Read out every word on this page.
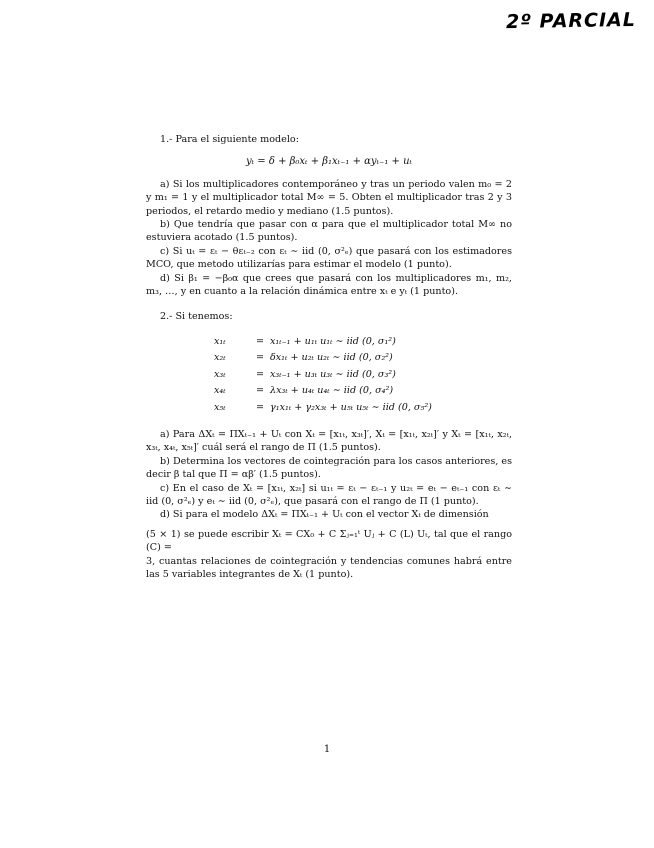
2º PARCIAL

1.- Para el siguiente modelo:

yₜ = δ + β₀xₜ + β₁xₜ₋₁ + αyₜ₋₁ + uₜ

a) Si los multiplicadores contemporáneo y tras un periodo valen m₀ = 2 y m₁ = 1 y el multiplicador total M∞ = 5. Obten el multiplicador tras 2 y 3 periodos, el retardo medio y mediano (1.5 puntos).

b) Que tendría que pasar con α para que el multiplicador total M∞ no estuviera acotado (1.5 puntos).

c) Si uₜ = εₜ − θεₜ₋₂ con εₜ ∼ iid (0, σ²ₑ) que pasará con los estimadores MCO, que metodo utilizarías para estimar el modelo (1 punto).

d) Si β₁ = −β₀α que crees que pasará con los multiplicadores m₁, m₂, m₃, …, y en cuanto a la relación dinámica entre xₜ e yₜ (1 punto).

2.- Si tenemos:

x₁ₜ	= x₁ₜ₋₁ + u₁ₜ u₁ₜ ∼ iid (0, σ₁²)
x₂ₜ	= δx₁ₜ + u₂ₜ u₂ₜ ∼ iid (0, σ₂²)
x₃ₜ	= x₃ₜ₋₁ + u₃ₜ u₃ₜ ∼ iid (0, σ₃²)
x₄ₜ	= λx₃ₜ + u₄ₜ u₄ₜ ∼ iid (0, σ₄²)
x₅ₜ	= γ₁x₁ₜ + γ₂x₃ₜ + u₅ₜ u₅ₜ ∼ iid (0, σ₅²)

a) Para ΔXₜ = ΠXₜ₋₁ + Uₜ con Xₜ = [x₁ₜ, x₃ₜ]′, Xₜ = [x₁ₜ, x₂ₜ]′ y Xₜ = [x₁ₜ, x₂ₜ, x₃ₜ, x₄ₜ, x₅ₜ]′ cuál será el rango de Π (1.5 puntos).

b) Determina los vectores de cointegración para los casos anteriores, es decir β tal que Π = αβ′ (1.5 puntos).

c) En el caso de Xₜ = [x₁ₜ, x₂ₜ] si u₁ₜ = εₜ − εₜ₋₁ y u₂ₜ = eₜ − eₜ₋₁ con εₜ ∼ iid (0, σ²ₑ) y eₜ ∼ iid (0, σ²ₑ), que pasará con el rango de Π (1 punto).

d) Si para el modelo ΔXₜ = ΠXₜ₋₁ + Uₜ con el vector Xₜ de dimensión

(5 × 1) se puede escribir Xₜ = CX₀ + C Σⱼ₌₁ᵗ Uⱼ + C (L) Uₜ, tal que el rango (C) =

3, cuantas relaciones de cointegración y tendencias comunes habrá entre las 5 variables integrantes de Xₜ (1 punto).

1
